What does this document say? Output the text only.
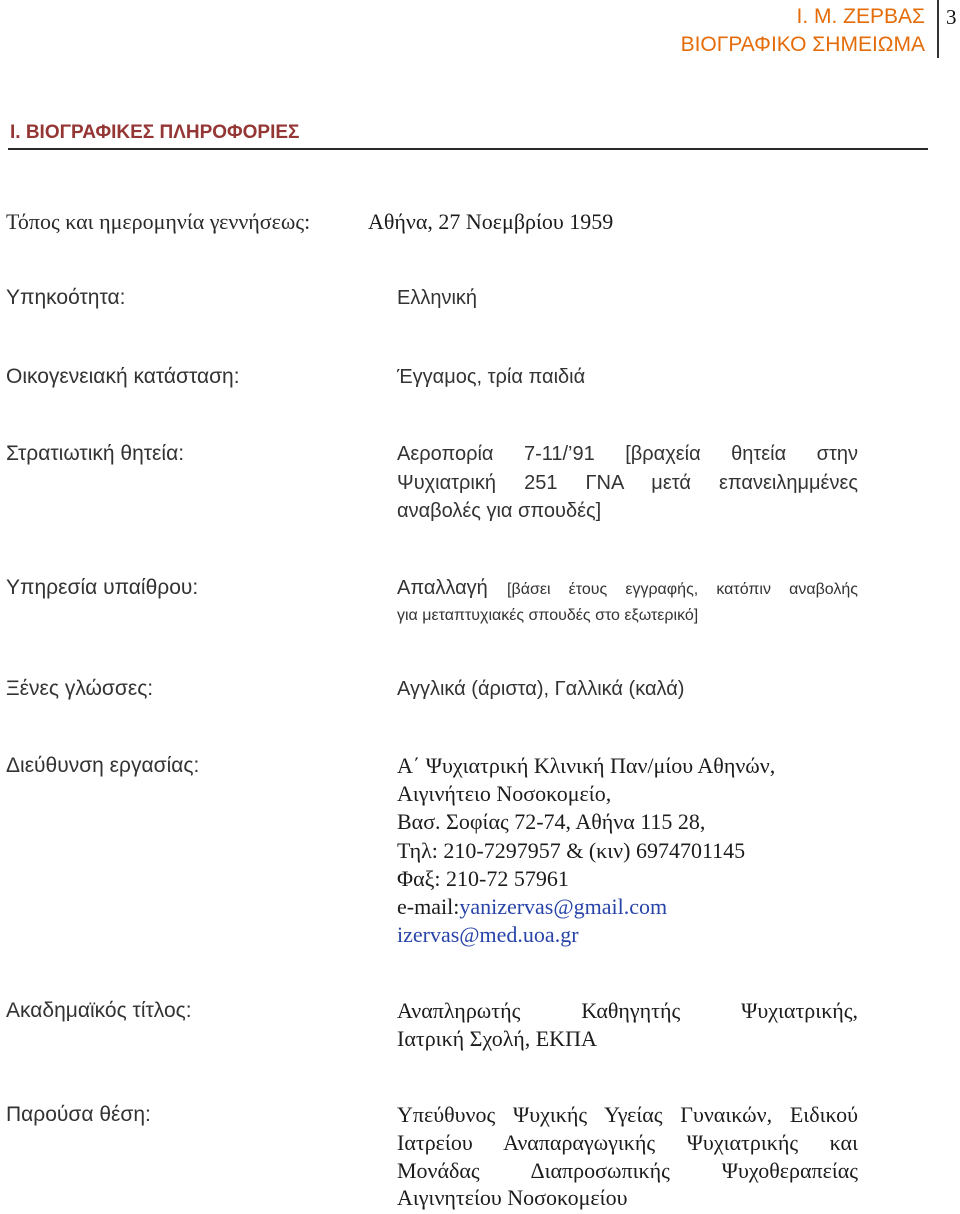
Ι. Μ. ΖΕΡΒΑΣ
ΒΙΟΓΡΑΦΙΚΟ ΣΗΜΕΙΩΜΑ
3
Ι. ΒΙΟΓΡΑΦΙΚΕΣ ΠΛΗΡΟΦΟΡΙΕΣ
Τόπος και ημερομηνία γεννήσεως:	Αθήνα, 27 Νοεμβρίου 1959
Υπηκοότητα:	Ελληνική
Οικογενειακή κατάσταση:	Έγγαμος, τρία παιδιά
Στρατιωτική θητεία:	Αεροπορία 7-11/’91 [βραχεία θητεία στην
Ψυχιατρική 251 ΓΝΑ μετά επανειλημμένες
αναβολές για σπουδές]
Υπηρεσία υπαίθρου:	Απαλλαγή [βάσει έτους εγγραφής, κατόπιν αναβολής
για μεταπτυχιακές σπουδές στο εξωτερικό]
Ξένες γλώσσες:	Αγγλικά (άριστα), Γαλλικά (καλά)
Διεύθυνση εργασίας:	Α΄ Ψυχιατρική Κλινική Παν/μίου Αθηνών,
Αιγινήτειο Νοσοκομείο,
Βασ. Σοφίας 72-74, Αθήνα 115 28,
Τηλ: 210-7297957 & (κιν) 6974701145
Φαξ: 210-72 57961
e-mail:yanizervas@gmail.com
izervas@med.uoa.gr
Ακαδημαϊκός τίτλος:	Αναπληρωτής Καθηγητής Ψυχιατρικής,
Ιατρική Σχολή, ΕΚΠΑ
Παρούσα θέση:	Υπεύθυνος Ψυχικής Υγείας Γυναικών, Ειδικού
Ιατρείου Αναπαραγωγικής Ψυχιατρικής και
Μονάδας Διαπροσωπικής Ψυχοθεραπείας
Αιγινητείου Νοσοκομείου
